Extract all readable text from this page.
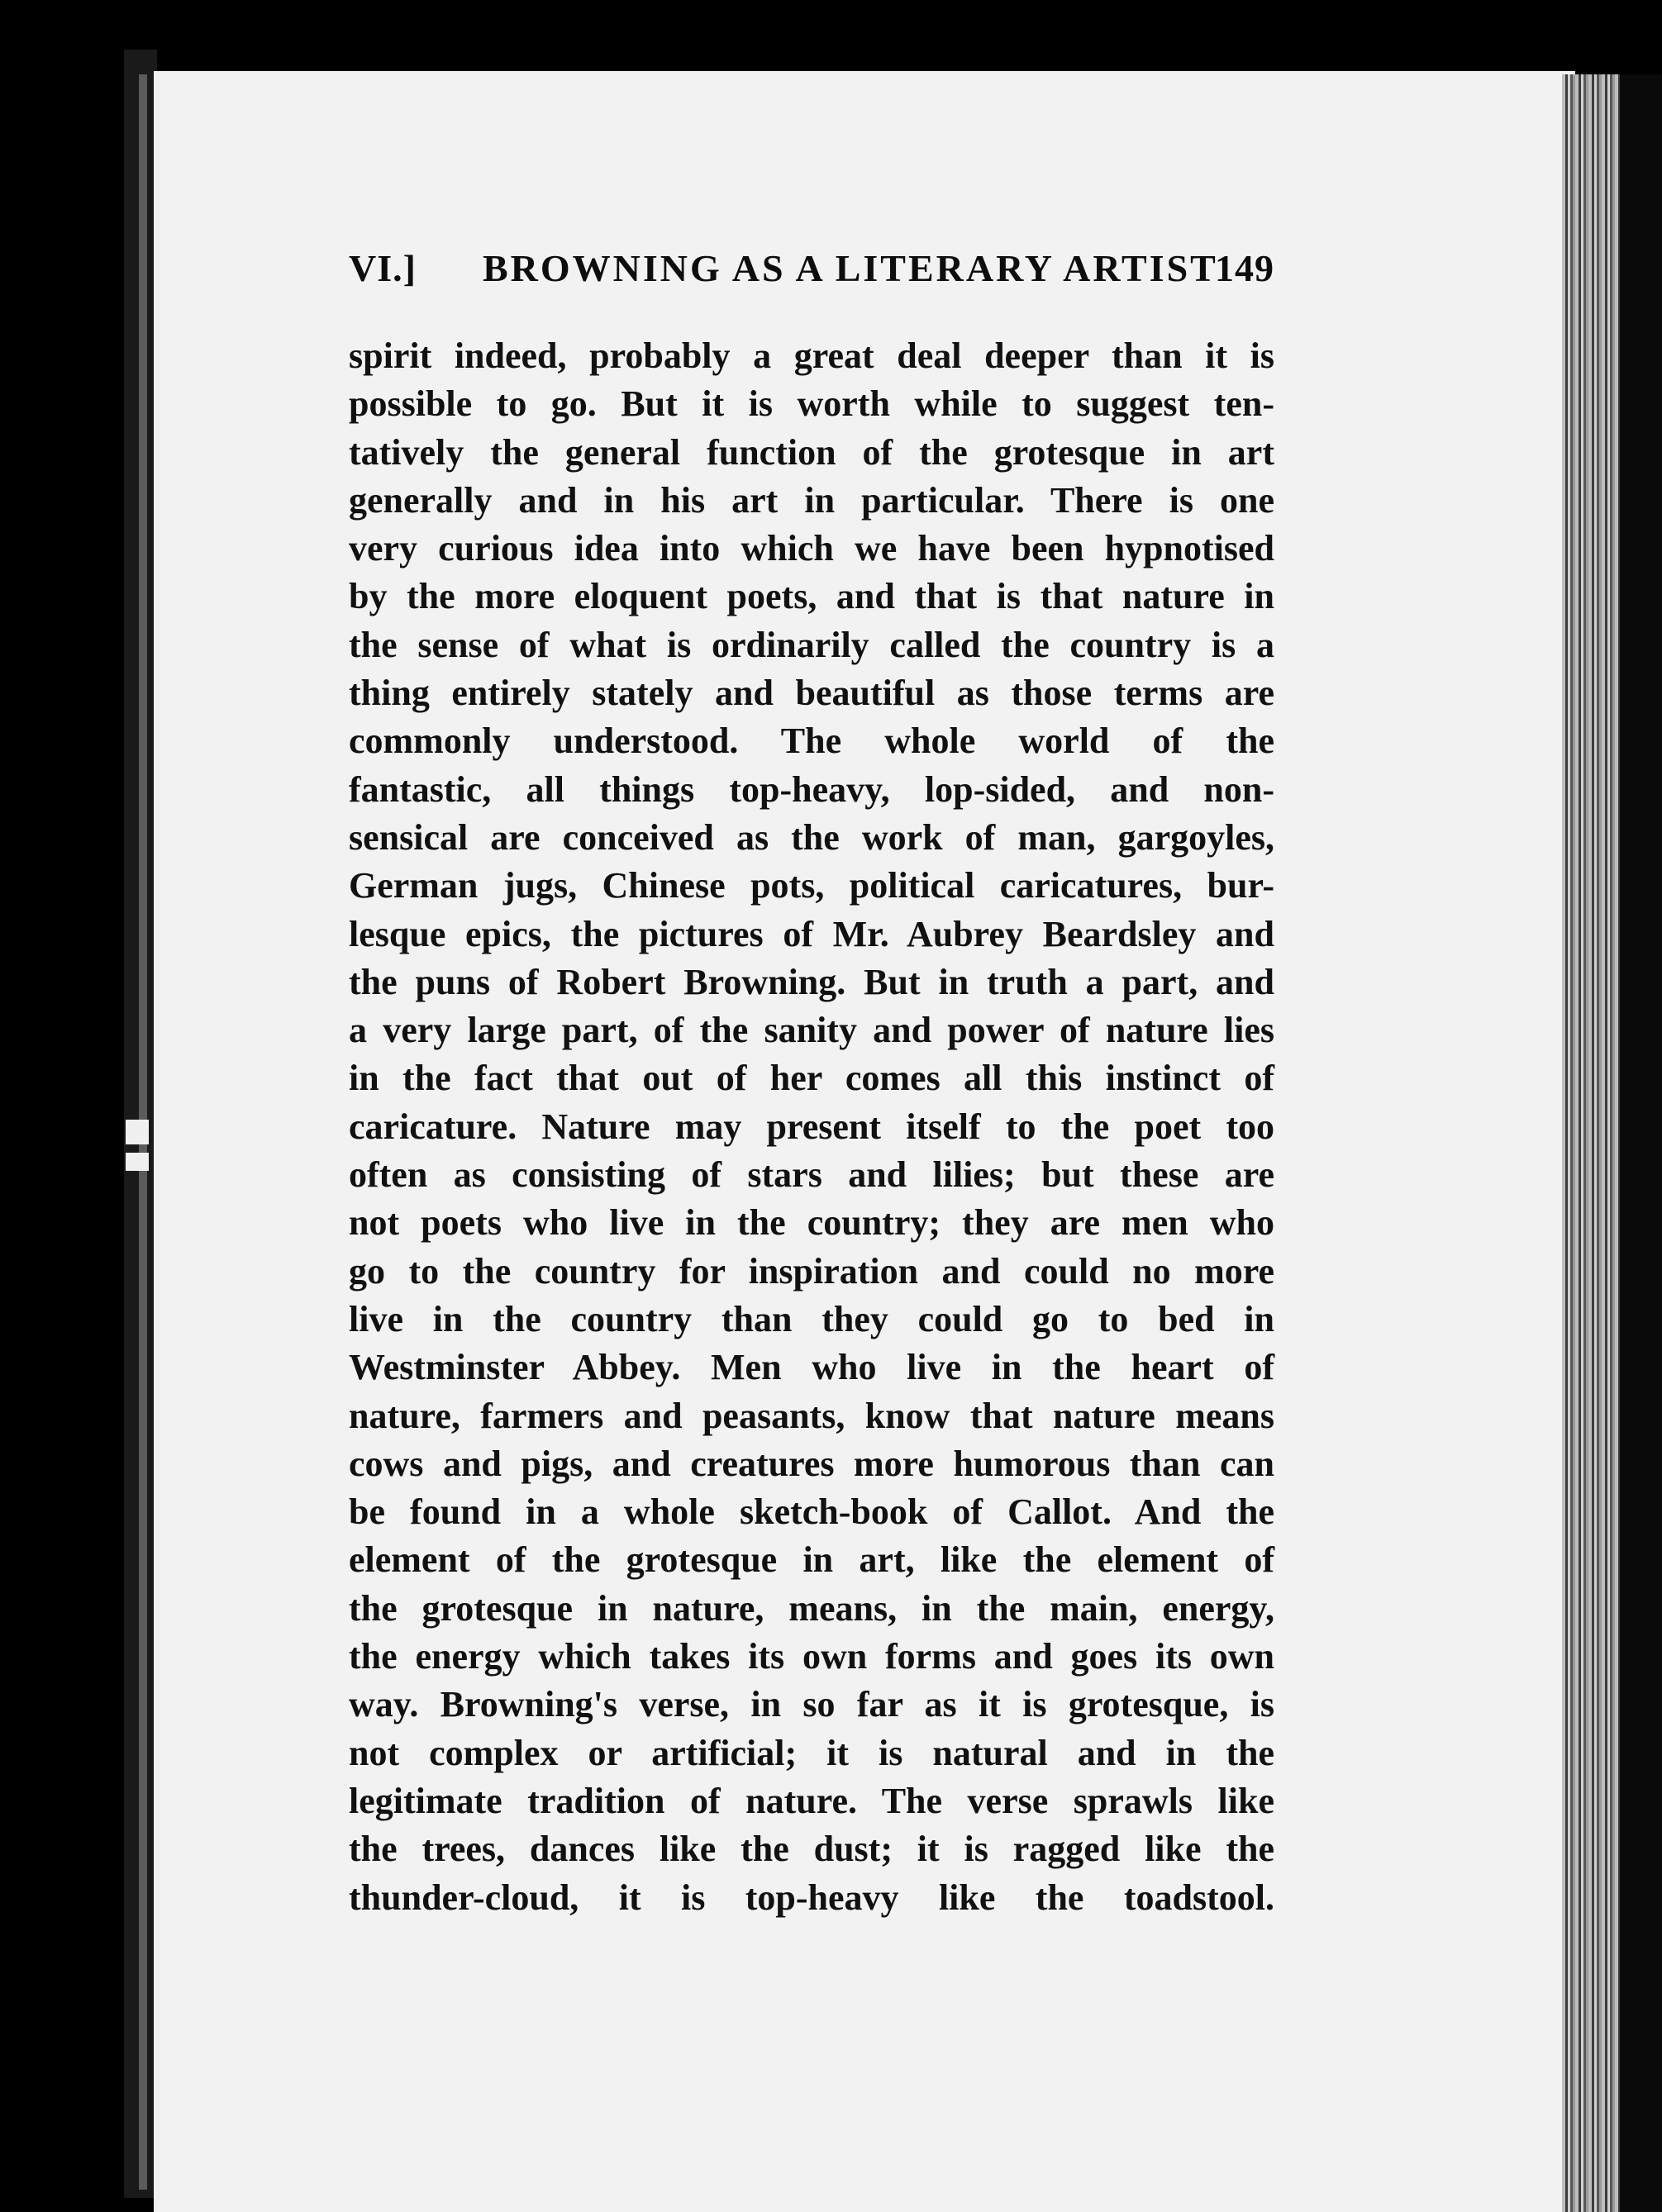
VI.] BROWNING AS A LITERARY ARTIST
149
spirit indeed, probably a great deal deeper than it is
possible to go. But it is worth while to suggest ten-
tatively the general function of the grotesque in art
generally and in his art in particular. There is one
very curious idea into which we have been hypnotised
by the more eloquent poets, and that is that nature in
the sense of what is ordinarily called the country is a
thing entirely stately and beautiful as those terms are
commonly understood. The whole world of the
fantastic, all things top-heavy, lop-sided, and non-
sensical are conceived as the work of man, gargoyles,
German jugs, Chinese pots, political caricatures, bur-
lesque epics, the pictures of Mr. Aubrey Beardsley and
the puns of Robert Browning. But in truth a part, and
a very large part, of the sanity and power of nature lies
in the fact that out of her comes all this instinct of
caricature. Nature may present itself to the poet too
often as consisting of stars and lilies; but these are
not poets who live in the country; they are men who
go to the country for inspiration and could no more
live in the country than they could go to bed in
Westminster Abbey. Men who live in the heart of
nature, farmers and peasants, know that nature means
cows and pigs, and creatures more humorous than can
be found in a whole sketch-book of Callot. And the
element of the grotesque in art, like the element of
the grotesque in nature, means, in the main, energy,
the energy which takes its own forms and goes its own
way. Browning's verse, in so far as it is grotesque, is
not complex or artificial; it is natural and in the
legitimate tradition of nature. The verse sprawls like
the trees, dances like the dust; it is ragged like the
thunder-cloud, it is top-heavy like the toadstool.
